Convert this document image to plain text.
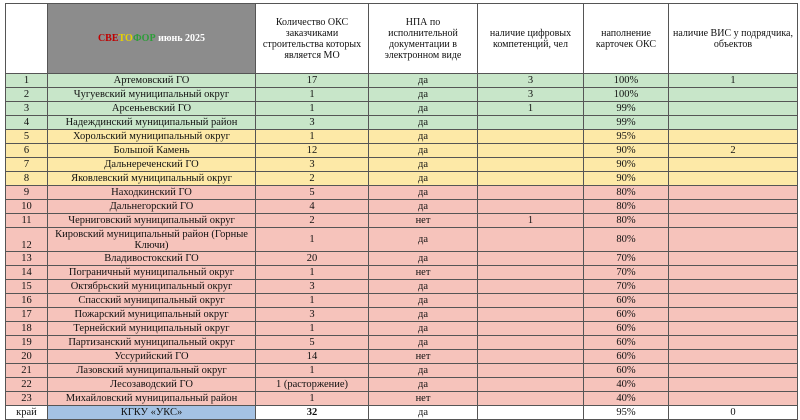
	СВЕТОФОР июнь 2025	Количество ОКС заказчиками строительства которых является МО	НПА по исполнительной документации в электронном виде	наличие цифровых компетенций, чел	наполнение карточек ОКС	наличие ВИС у подрядчика, объектов
1	Артемовский ГО	17	да	3	100%	1
2	Чугуевский муниципальный округ	1	да	3	100%	
3	Арсеньевский ГО	1	да	1	99%	
4	Надеждинский муниципальный район	3	да		99%	
5	Хорольский муниципальный округ	1	да		95%	
6	Большой Камень	12	да		90%	2
7	Дальнереченский ГО	3	да		90%	
8	Яковлевский муниципальный округ	2	да		90%	
9	Находкинский ГО	5	да		80%	
10	Дальнегорский ГО	4	да		80%	
11	Черниговский муниципальный округ	2	нет	1	80%	
12	Кировский муниципальный район (Горные Ключи)	1	да		80%	
13	Владивостокский ГО	20	да		70%	
14	Пограничный муниципальный округ	1	нет		70%	
15	Октябрьский муниципальный округ	3	да		70%	
16	Спасский муниципальный округ	1	да		60%	
17	Пожарский муниципальный округ	3	да		60%	
18	Тернейский муниципальный округ	1	да		60%	
19	Партизанский муниципальный округ	5	да		60%	
20	Уссурийский ГО	14	нет		60%	
21	Лазовский муниципальный округ	1	да		60%	
22	Лесозаводский ГО	1 (расторжение)	да		40%	
23	Михайловский муниципальный район	1	нет		40%	
край	КГКУ «УКС»	32	да		95%	0
